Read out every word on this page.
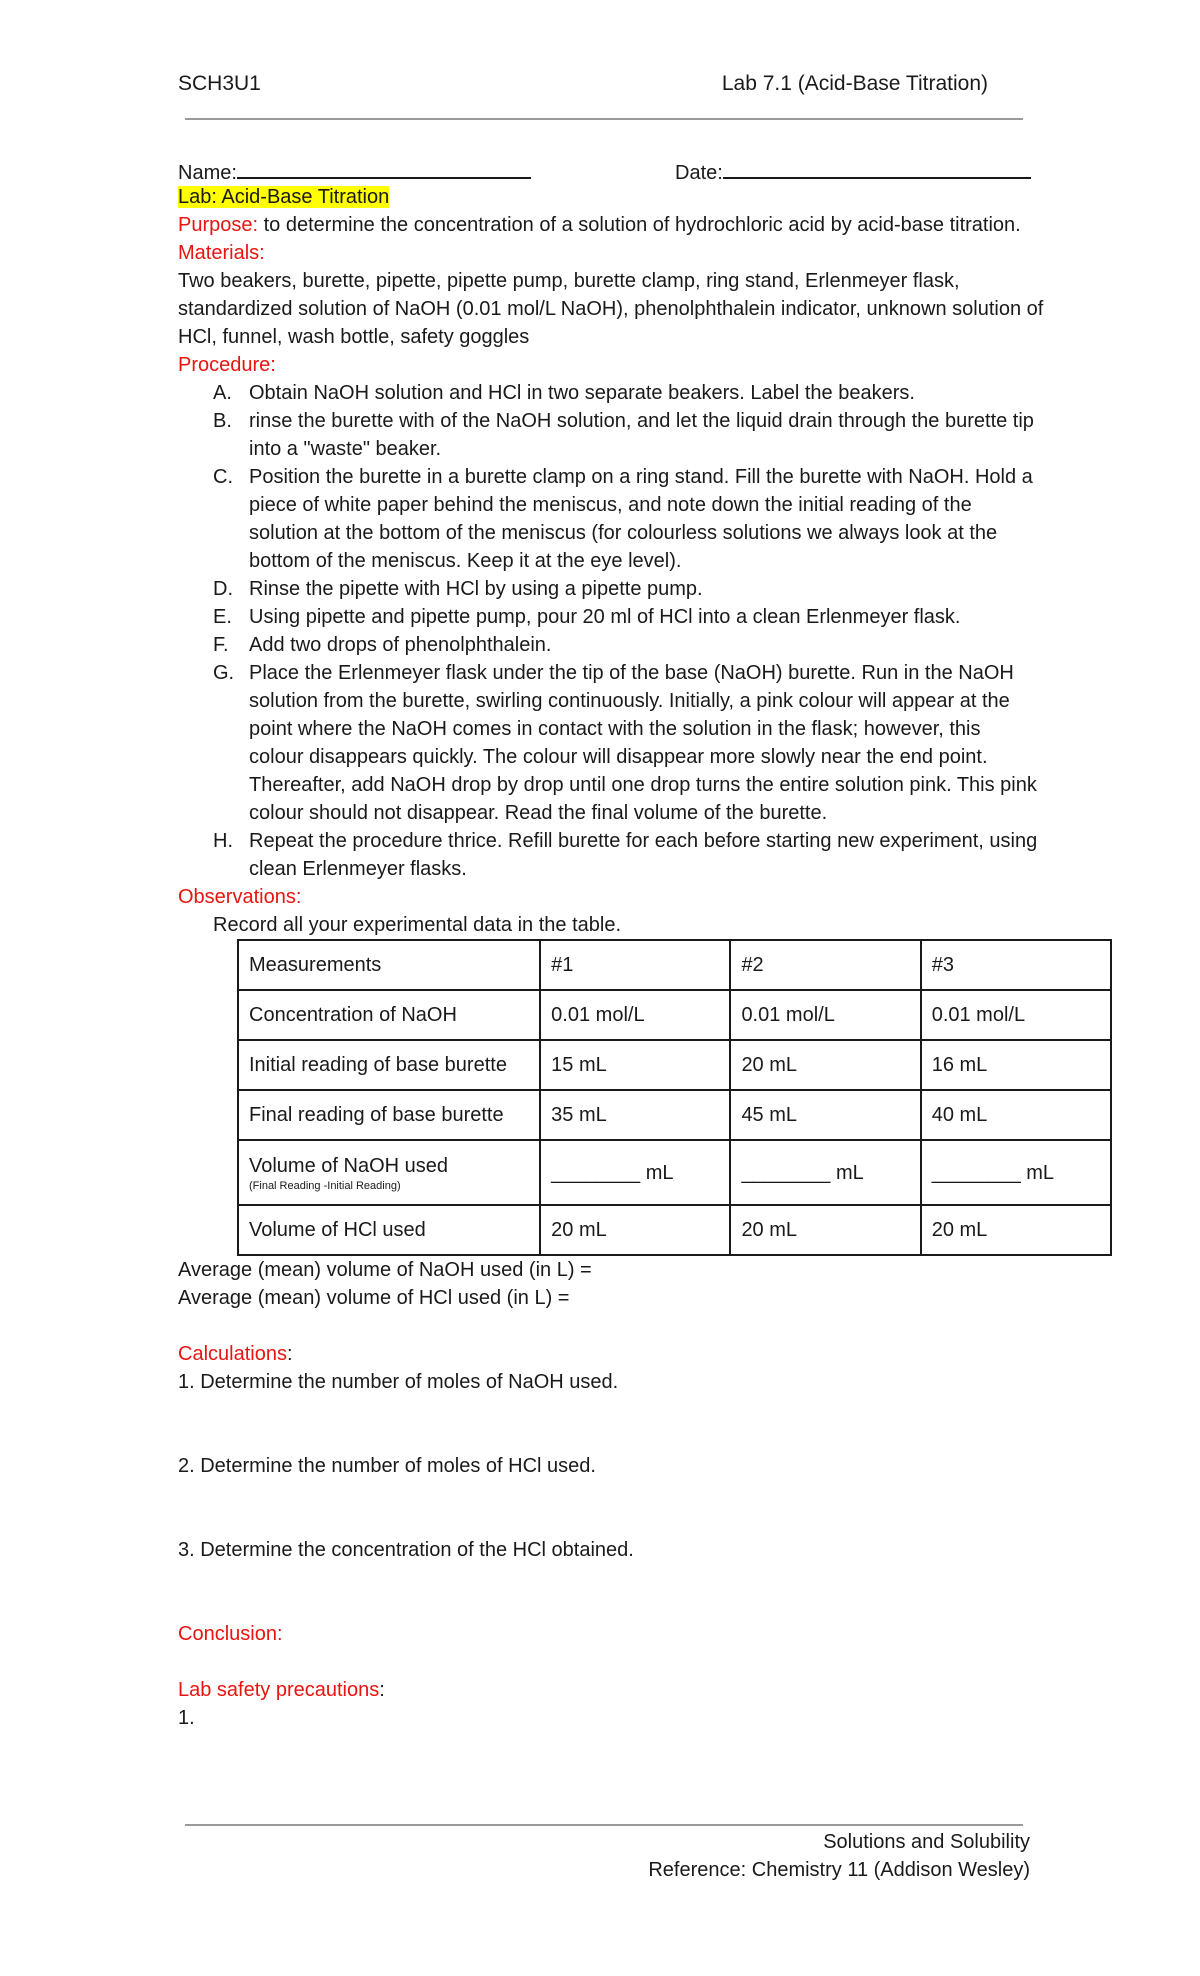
SCH3U1	Lab 7.1 (Acid-Base Titration)
Name:	Date:
Lab: Acid-Base Titration
Purpose: to determine the concentration of a solution of hydrochloric acid by acid-base titration.
Materials:
Two beakers, burette, pipette, pipette pump, burette clamp, ring stand, Erlenmeyer flask,
standardized solution of NaOH (0.01 mol/L NaOH), phenolphthalein indicator, unknown solution of
HCl, funnel, wash bottle, safety goggles
Procedure:
A. Obtain NaOH solution and HCl in two separate beakers. Label the beakers.
B. rinse the burette with of the NaOH solution, and let the liquid drain through the burette tip into a "waste" beaker.
C. Position the burette in a burette clamp on a ring stand. Fill the burette with NaOH. Hold a piece of white paper behind the meniscus, and note down the initial reading of the solution at the bottom of the meniscus (for colourless solutions we always look at the bottom of the meniscus. Keep it at the eye level).
D. Rinse the pipette with HCl by using a pipette pump.
E. Using pipette and pipette pump, pour 20 ml of HCl into a clean Erlenmeyer flask.
F. Add two drops of phenolphthalein.
G. Place the Erlenmeyer flask under the tip of the base (NaOH) burette. Run in the NaOH solution from the burette, swirling continuously. Initially, a pink colour will appear at the point where the NaOH comes in contact with the solution in the flask; however, this colour disappears quickly. The colour will disappear more slowly near the end point. Thereafter, add NaOH drop by drop until one drop turns the entire solution pink. This pink colour should not disappear. Read the final volume of the burette.
H. Repeat the procedure thrice. Refill burette for each before starting new experiment, using clean Erlenmeyer flasks.
Observations:
Record all your experimental data in the table.
Measurements	#1	#2	#3
Concentration of NaOH	0.01 mol/L	0.01 mol/L	0.01 mol/L
Initial reading of base burette	15 mL	20 mL	16 mL
Final reading of base burette	35 mL	45 mL	40 mL
Volume of NaOH used
(Final Reading -Initial Reading)	________ mL	________ mL	________ mL
Volume of HCl used	20 mL	20 mL	20 mL
Average (mean) volume of NaOH used (in L) =
Average (mean) volume of HCl used (in L) =
Calculations:
1. Determine the number of moles of NaOH used.
2. Determine the number of moles of HCl used.
3. Determine the concentration of the HCl obtained.
Conclusion:
Lab safety precautions:
1.
Solutions and Solubility
Reference: Chemistry 11 (Addison Wesley)
